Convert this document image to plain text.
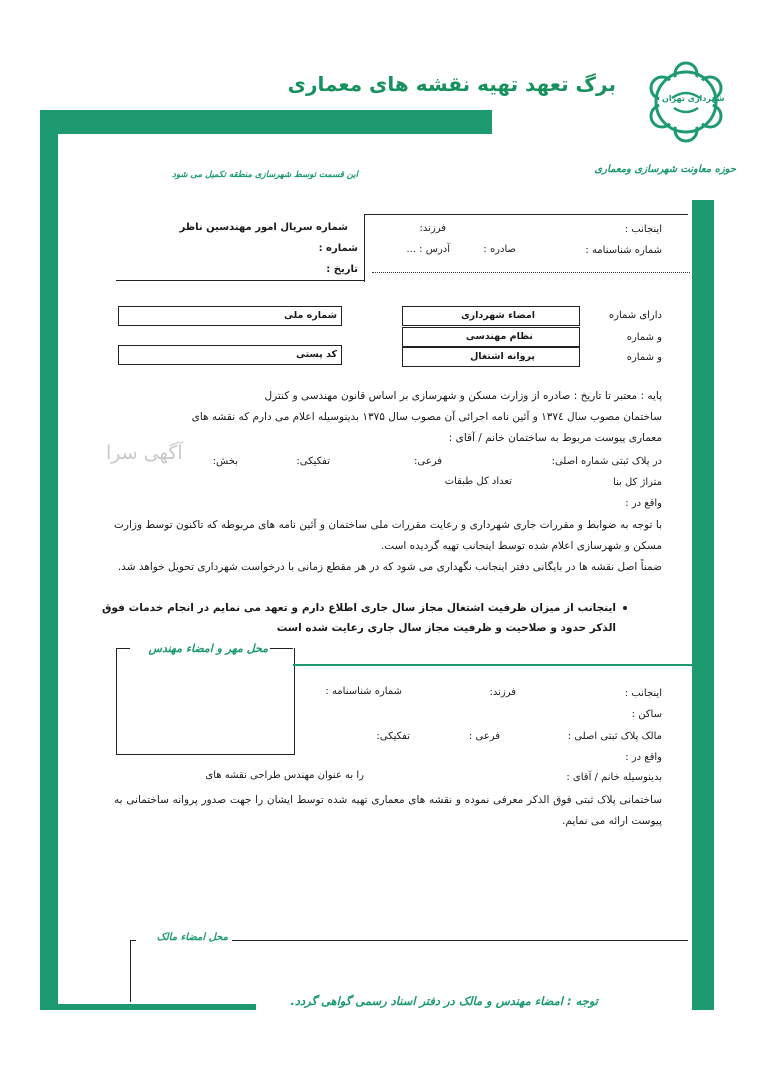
شهرداری تهران
برگ تعهد تهیه نقشه های معماری
حوزه معاونت شهرسازی ومعماری
این قسمت توسط شهرسازی منطقه تکمیل می شود
شماره سریال امور مهندسین ناظر
شماره :
تاریخ :
اینجانب :
فرزند:
شماره شناسنامه :
صادره :
آدرس : ...
دارای شماره
و شماره
و شماره
امضاء شهرداری
نظام مهندسی
پروانه اشتغال
شماره ملی
کد پستی
پایه : معتبر تا تاریخ : صادره از وزارت مسکن و شهرسازی بر اساس قانون مهندسی و کنترل
ساختمان مصوب سال ۱۳۷٤ و آئین نامه اجرائی آن مصوب سال ۱۳۷۵ بدینوسیله اعلام می دارم که نقشه های
معماری پیوست مربوط به ساختمان خانم / آقای :
در پلاک ثبتی شماره اصلی:
فرعی:
تفکیکی:
بخش:
متراژ کل بنا
تعداد کل طبقات
واقع در :
با توجه به ضوابط و مقررات جاری شهرداری و رعایت مقررات ملی ساختمان و آئین نامه های مربوطه که تاکنون توسط وزارت مسکن و شهرسازی اعلام شده توسط اینجانب تهیه گردیده است.
ضمناً اصل نقشه ها در بایگانی دفتر اینجانب نگهداری می شود که در هر مقطع زمانی با درخواست شهرداری تحویل خواهد شد.
اینجانب از میزان ظرفیت اشتغال مجاز سال جاری اطلاع دارم و تعهد می نمایم در انجام خدمات فوق الذکر حدود و صلاحیت و ظرفیت مجاز سال جاری رعایت شده است
آگهی سرا
محل مهر و امضاء مهندس
اینجانب :
فرزند:
شماره شناسنامه :
ساکن :
مالک پلاک ثبتی اصلی :
فرعی :
تفکیکی:
واقع در :
بدینوسیله خانم / آقای :
را به عنوان مهندس طراحی نقشه های
ساختمانی پلاک ثبتی فوق الذکر معرفی نموده و نقشه های معماری تهیه شده توسط ایشان را جهت صدور پروانه ساختمانی به پیوست ارائه می نمایم.
محل امضاء مالک
توجه : امضاء مهندس و مالک در دفتر اسناد رسمی گواهی گردد.
